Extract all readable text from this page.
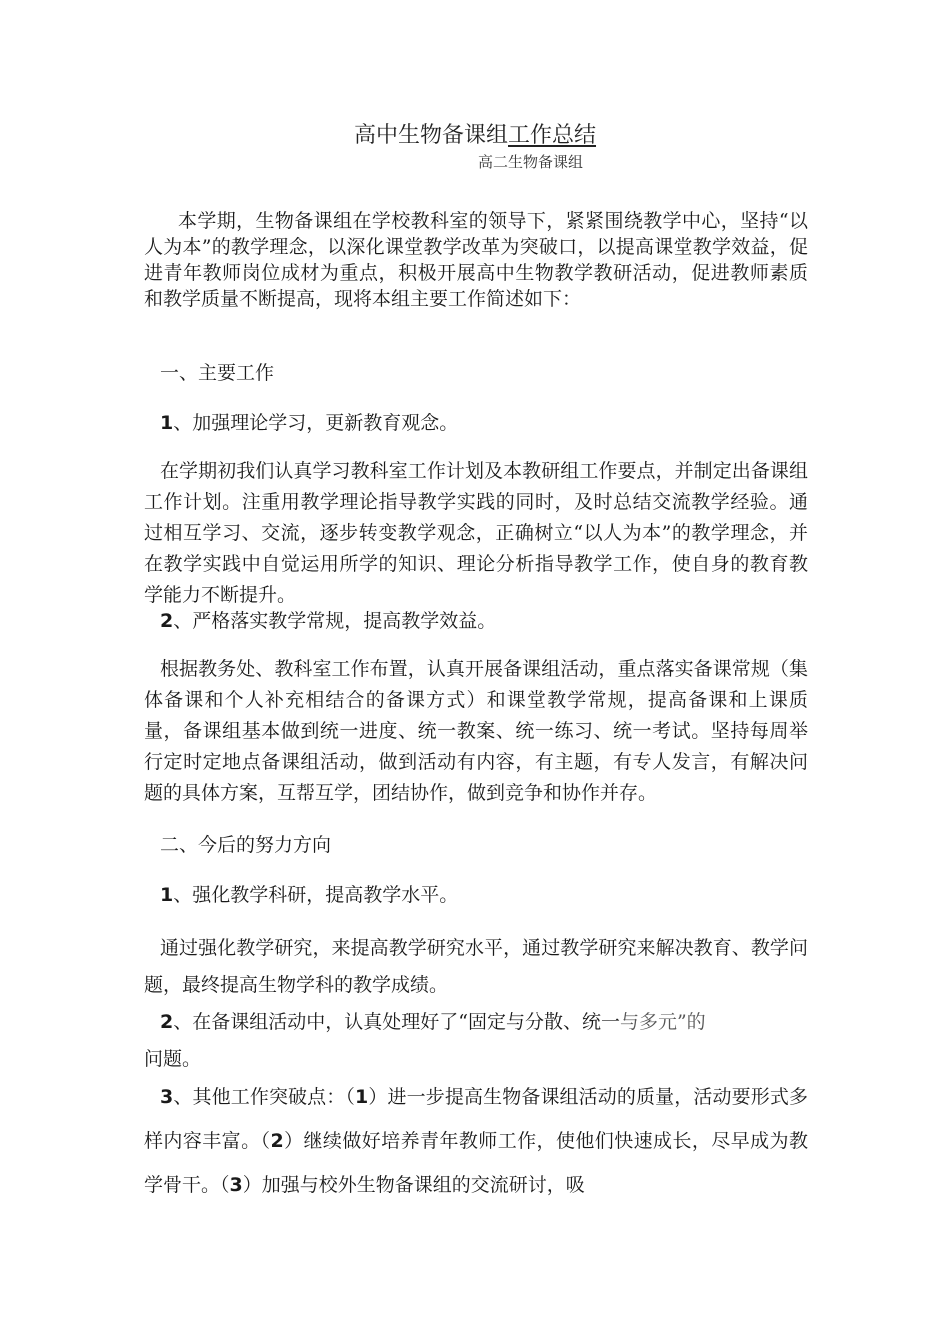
高中生物备课组工作总结

高二生物备课组

本学期，生物备课组在学校教科室的领导下，紧紧围绕教学中心，坚持“以人为本”的教学理念，以深化课堂教学改革为突破口，以提高课堂教学效益，促进青年教师岗位成材为重点，积极开展高中生物教学教研活动，促进教师素质和教学质量不断提高，现将本组主要工作简述如下：

一、主要工作

1、加强理论学习，更新教育观念。

在学期初我们认真学习教科室工作计划及本教研组工作要点，并制定出备课组工作计划。注重用教学理论指导教学实践的同时，及时总结交流教学经验。通过相互学习、交流，逐步转变教学观念，正确树立“以人为本”的教学理念，并在教学实践中自觉运用所学的知识、理论分析指导教学工作，使自身的教育教学能力不断提升。

2、严格落实教学常规，提高教学效益。

根据教务处、教科室工作布置，认真开展备课组活动，重点落实备课常规（集体备课和个人补充相结合的备课方式）和课堂教学常规，提高备课和上课质量，备课组基本做到统一进度、统一教案、统一练习、统一考试。坚持每周举行定时定地点备课组活动，做到活动有内容，有主题，有专人发言，有解决问题的具体方案，互帮互学，团结协作，做到竞争和协作并存。

二、今后的努力方向

1、强化教学科研，提高教学水平。

通过强化教学研究，来提高教学研究水平，通过教学研究来解决教育、教学问题，最终提高生物学科的教学成绩。

2、在备课组活动中，认真处理好了“固定与分散、统一与多元”的
问题。

3、其他工作突破点：（1）进一步提高生物备课组活动的质量，活动要形式多样内容丰富。（2）继续做好培养青年教师工作，使他们快速成长，尽早成为教学骨干。（3）加强与校外生物备课组的交流研讨，吸
